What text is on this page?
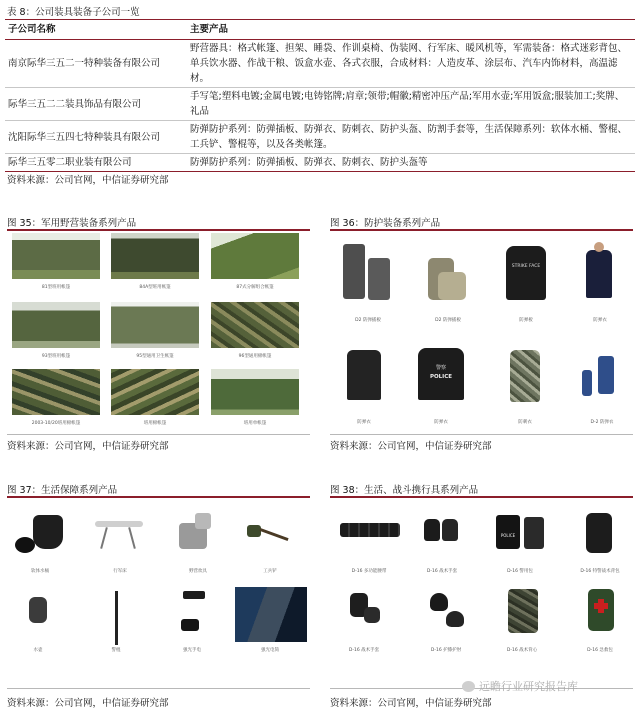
表 8：公司装具装备子公司一览
子公司名称	主要产品
南京际华三五二一特种装备有限公司	野营器具：格式帐篷、担架、睡袋、作训桌椅、伪装网、行军床、暖风机等，军需装备：格式迷彩背包、单兵饮水器、作战干粮、饭盒水壶、各式衣服，合成材料：人造皮革、涂层布、汽车内饰材料，高温滤材。
际华三五二二装具饰品有限公司	手写笔;塑料电镀;金属电镀;电铸铭牌;肩章;领带;帽徽;精密冲压产品;军用水壶;军用饭盒;服装加工;奖牌、礼品
沈阳际华三五四七特种装具有限公司	防弹防护系列：防弹插板、防弹衣、防刺衣、防护头盔、防割手套等，生活保障系列：软体水桶、警棍、工兵铲、警棍等，以及各类帐篷。
际华三五零二职业装有限公司	防弹防护系列：防弹插板、防弹衣、防刺衣、防护头盔等
资料来源：公司官网，中信证券研究部
图 35：军用野营装备系列产品
81型班用帐篷	84A型班用帐篷	87式分解组合帐篷
93型班用帐篷	95型通用卫生帐篷	96型通用棉帐篷
2003-10/20班用棉帐篷	班用棉帐篷	班用单帐篷
资料来源：公司官网，中信证券研究部
图 36：防护装备系列产品
STRIKE FACE
D2 防弹插板	D2 防弹插板	防弹板	防弹衣
警察
POLICE
防弹衣	防弹衣	防刺衣	D-2 防弹衣
资料来源：公司官网，中信证券研究部
图 37：生活保障系列产品
软体水桶	行军床	野营炊具	工兵铲
水壶	警棍	强光手电	强光电筒
资料来源：公司官网，中信证券研究部
图 38：生活、战斗携行具系列产品
POLICE
D-16 多功能腰带	D-16 战术手套	D-16 警用包	D-16 特警战术背包
D-16 战术手套	D-16 护膝护肘	D-16 战术背心	D-16 急救包
资料来源：公司官网，中信证券研究部
远瞻行业研究报告库
